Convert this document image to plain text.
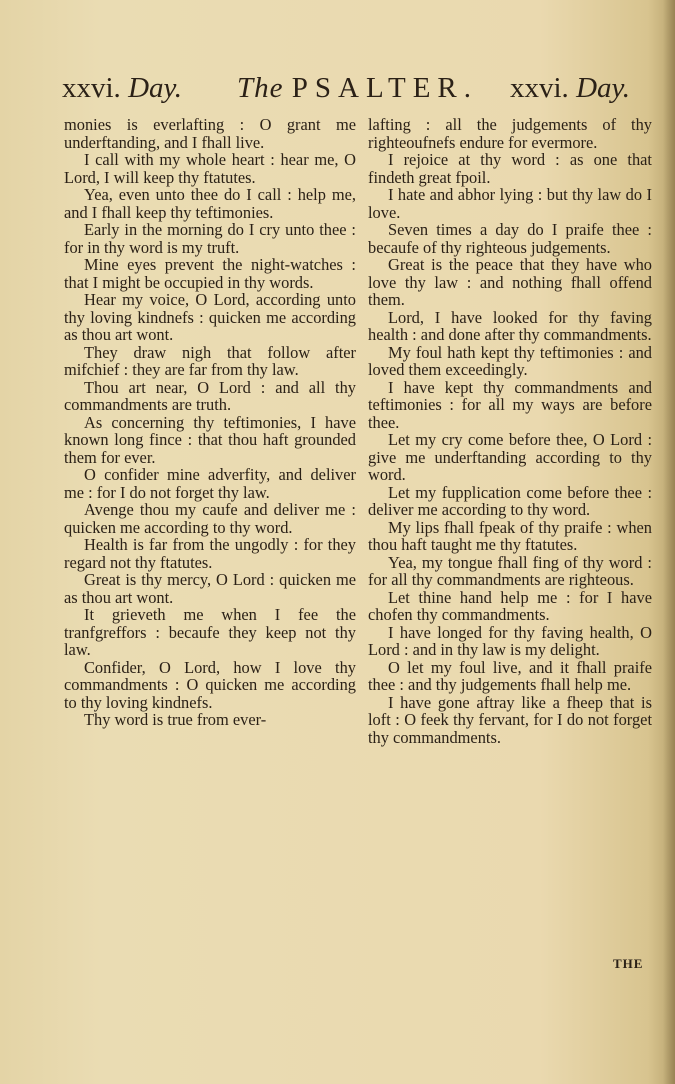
xxvi. Day. The PSALTER. xxvi. Day.

monies is everlafting : O grant me underftanding, and I fhall live.

I call with my whole heart : hear me, O Lord, I will keep thy ftatutes.

Yea, even unto thee do I call : help me, and I fhall keep thy teftimonies.

Early in the morning do I cry unto thee : for in thy word is my truft.

Mine eyes prevent the night-watches : that I might be occupied in thy words.

Hear my voice, O Lord, according unto thy loving kindnefs : quicken me according as thou art wont.

They draw nigh that follow after mifchief : they are far from thy law.

Thou art near, O Lord : and all thy commandments are truth.

As concerning thy teftimonies, I have known long fince : that thou haft grounded them for ever.

O confider mine adverfity, and deliver me : for I do not forget thy law.

Avenge thou my caufe and deliver me : quicken me according to thy word.

Health is far from the ungodly : for they regard not thy ftatutes.

Great is thy mercy, O Lord : quicken me as thou art wont.

It grieveth me when I fee the tranfgreffors : becaufe they keep not thy law.

Confider, O Lord, how I love thy commandments : O quicken me according to thy loving kindnefs.

Thy word is true from ever-

lafting : all the judgements of thy righteoufnefs endure for evermore.

I rejoice at thy word : as one that findeth great fpoil.

I hate and abhor lying : but thy law do I love.

Seven times a day do I praife thee : becaufe of thy righteous judgements.

Great is the peace that they have who love thy law : and nothing fhall offend them.

Lord, I have looked for thy faving health : and done after thy commandments.

My foul hath kept thy teftimonies : and loved them exceedingly.

I have kept thy commandments and teftimonies : for all my ways are before thee.

Let my cry come before thee, O Lord : give me underftanding according to thy word.

Let my fupplication come before thee : deliver me according to thy word.

My lips fhall fpeak of thy praife : when thou haft taught me thy ftatutes.

Yea, my tongue fhall fing of thy word : for all thy commandments are righteous.

Let thine hand help me : for I have chofen thy commandments.

I have longed for thy faving health, O Lord : and in thy law is my delight.

O let my foul live, and it fhall praife thee : and thy judgements fhall help me.

I have gone aftray like a fheep that is loft : O feek thy fervant, for I do not forget thy commandments.

THE
